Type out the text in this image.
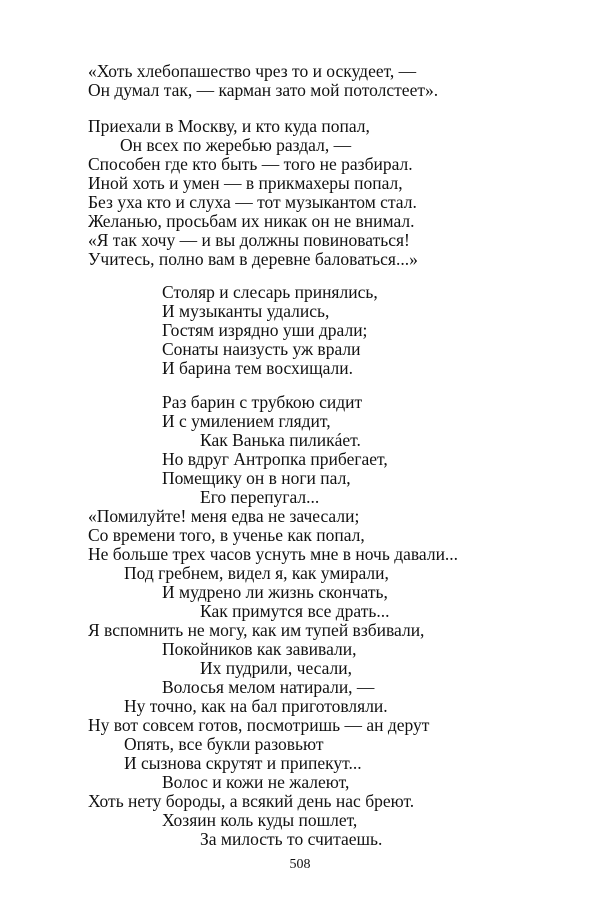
«Хоть хлебопашество чрез то и оскудеет, —
Он думал так, — карман зато мой потолстеет».
Приехали в Москву, и кто куда попал,
Он всех по жеребью раздал, —
Способен где кто быть — того не разбирал.
Иной хоть и умен — в прикмахеры попал,
Без уха кто и слуха — тот музыкантом стал.
Желанью, просьбам их никак он не внимал.
«Я так хочу — и вы должны повиноваться!
Учитесь, полно вам в деревне баловаться...»
Столяр и слесарь принялись,
И музыканты удались,
Гостям изрядно уши драли;
Сонаты наизусть уж врали
И барина тем восхищали.
Раз барин с трубкою сидит
И с умилением глядит,
Как Ванька пиликáет.
Но вдруг Антропка прибегает,
Помещику он в ноги пал,
Его перепугал...
«Помилуйте! меня едва не зачесали;
Со времени того, в ученье как попал,
Не больше трех часов уснуть мне в ночь давали...
Под гребнем, видел я, как умирали,
И мудрено ли жизнь скончать,
Как примутся все драть...
Я вспомнить не могу, как им тупей взбивали,
Покойников как завивали,
Их пудрили, чесали,
Волосья мелом натирали, —
Ну точно, как на бал приготовляли.
Ну вот совсем готов, посмотришь — ан дерут
Опять, все букли разовьют
И сызнова скрутят и припекут...
Волос и кожи не жалеют,
Хоть нету бороды, а всякий день нас бреют.
Хозяин коль куды пошлет,
За милость то считаешь.
508
